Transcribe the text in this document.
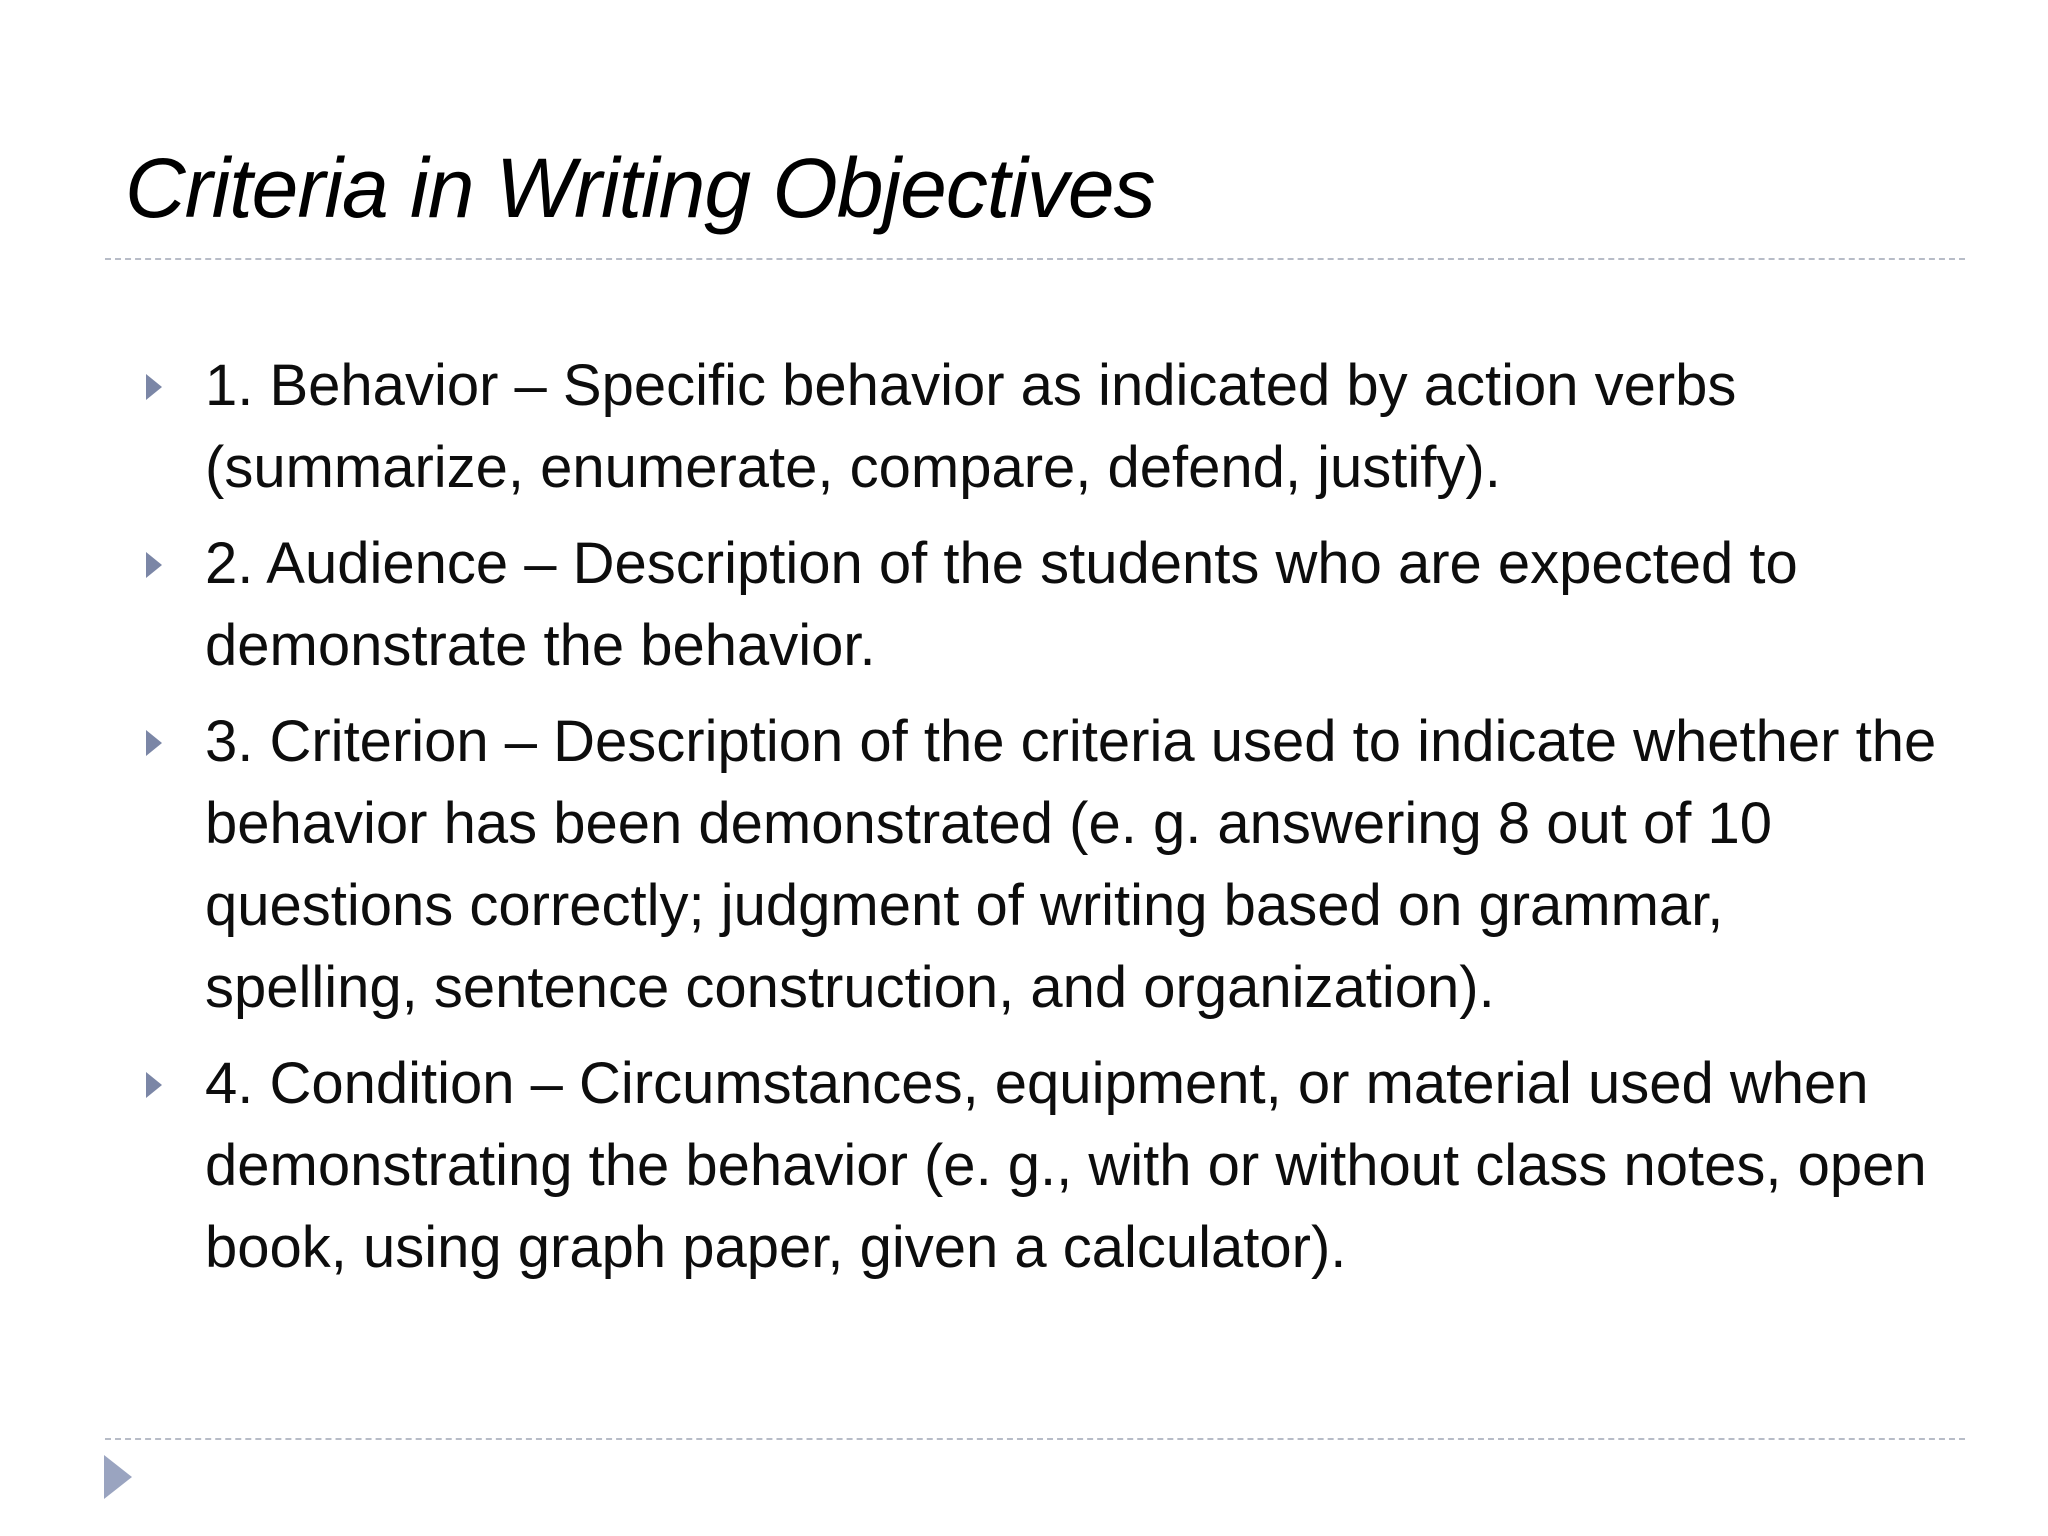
Criteria in Writing Objectives
1. Behavior – Specific behavior as indicated by action verbs (summarize, enumerate, compare, defend, justify).
2. Audience – Description of the students who are expected to demonstrate the behavior.
3. Criterion – Description of the criteria used to indicate whether the behavior has been demonstrated (e. g. answering 8 out of 10 questions correctly; judgment of writing based on grammar, spelling, sentence construction, and organization).
4. Condition – Circumstances, equipment, or material used when demonstrating the behavior (e. g., with or without class notes, open book, using graph paper, given a calculator).
